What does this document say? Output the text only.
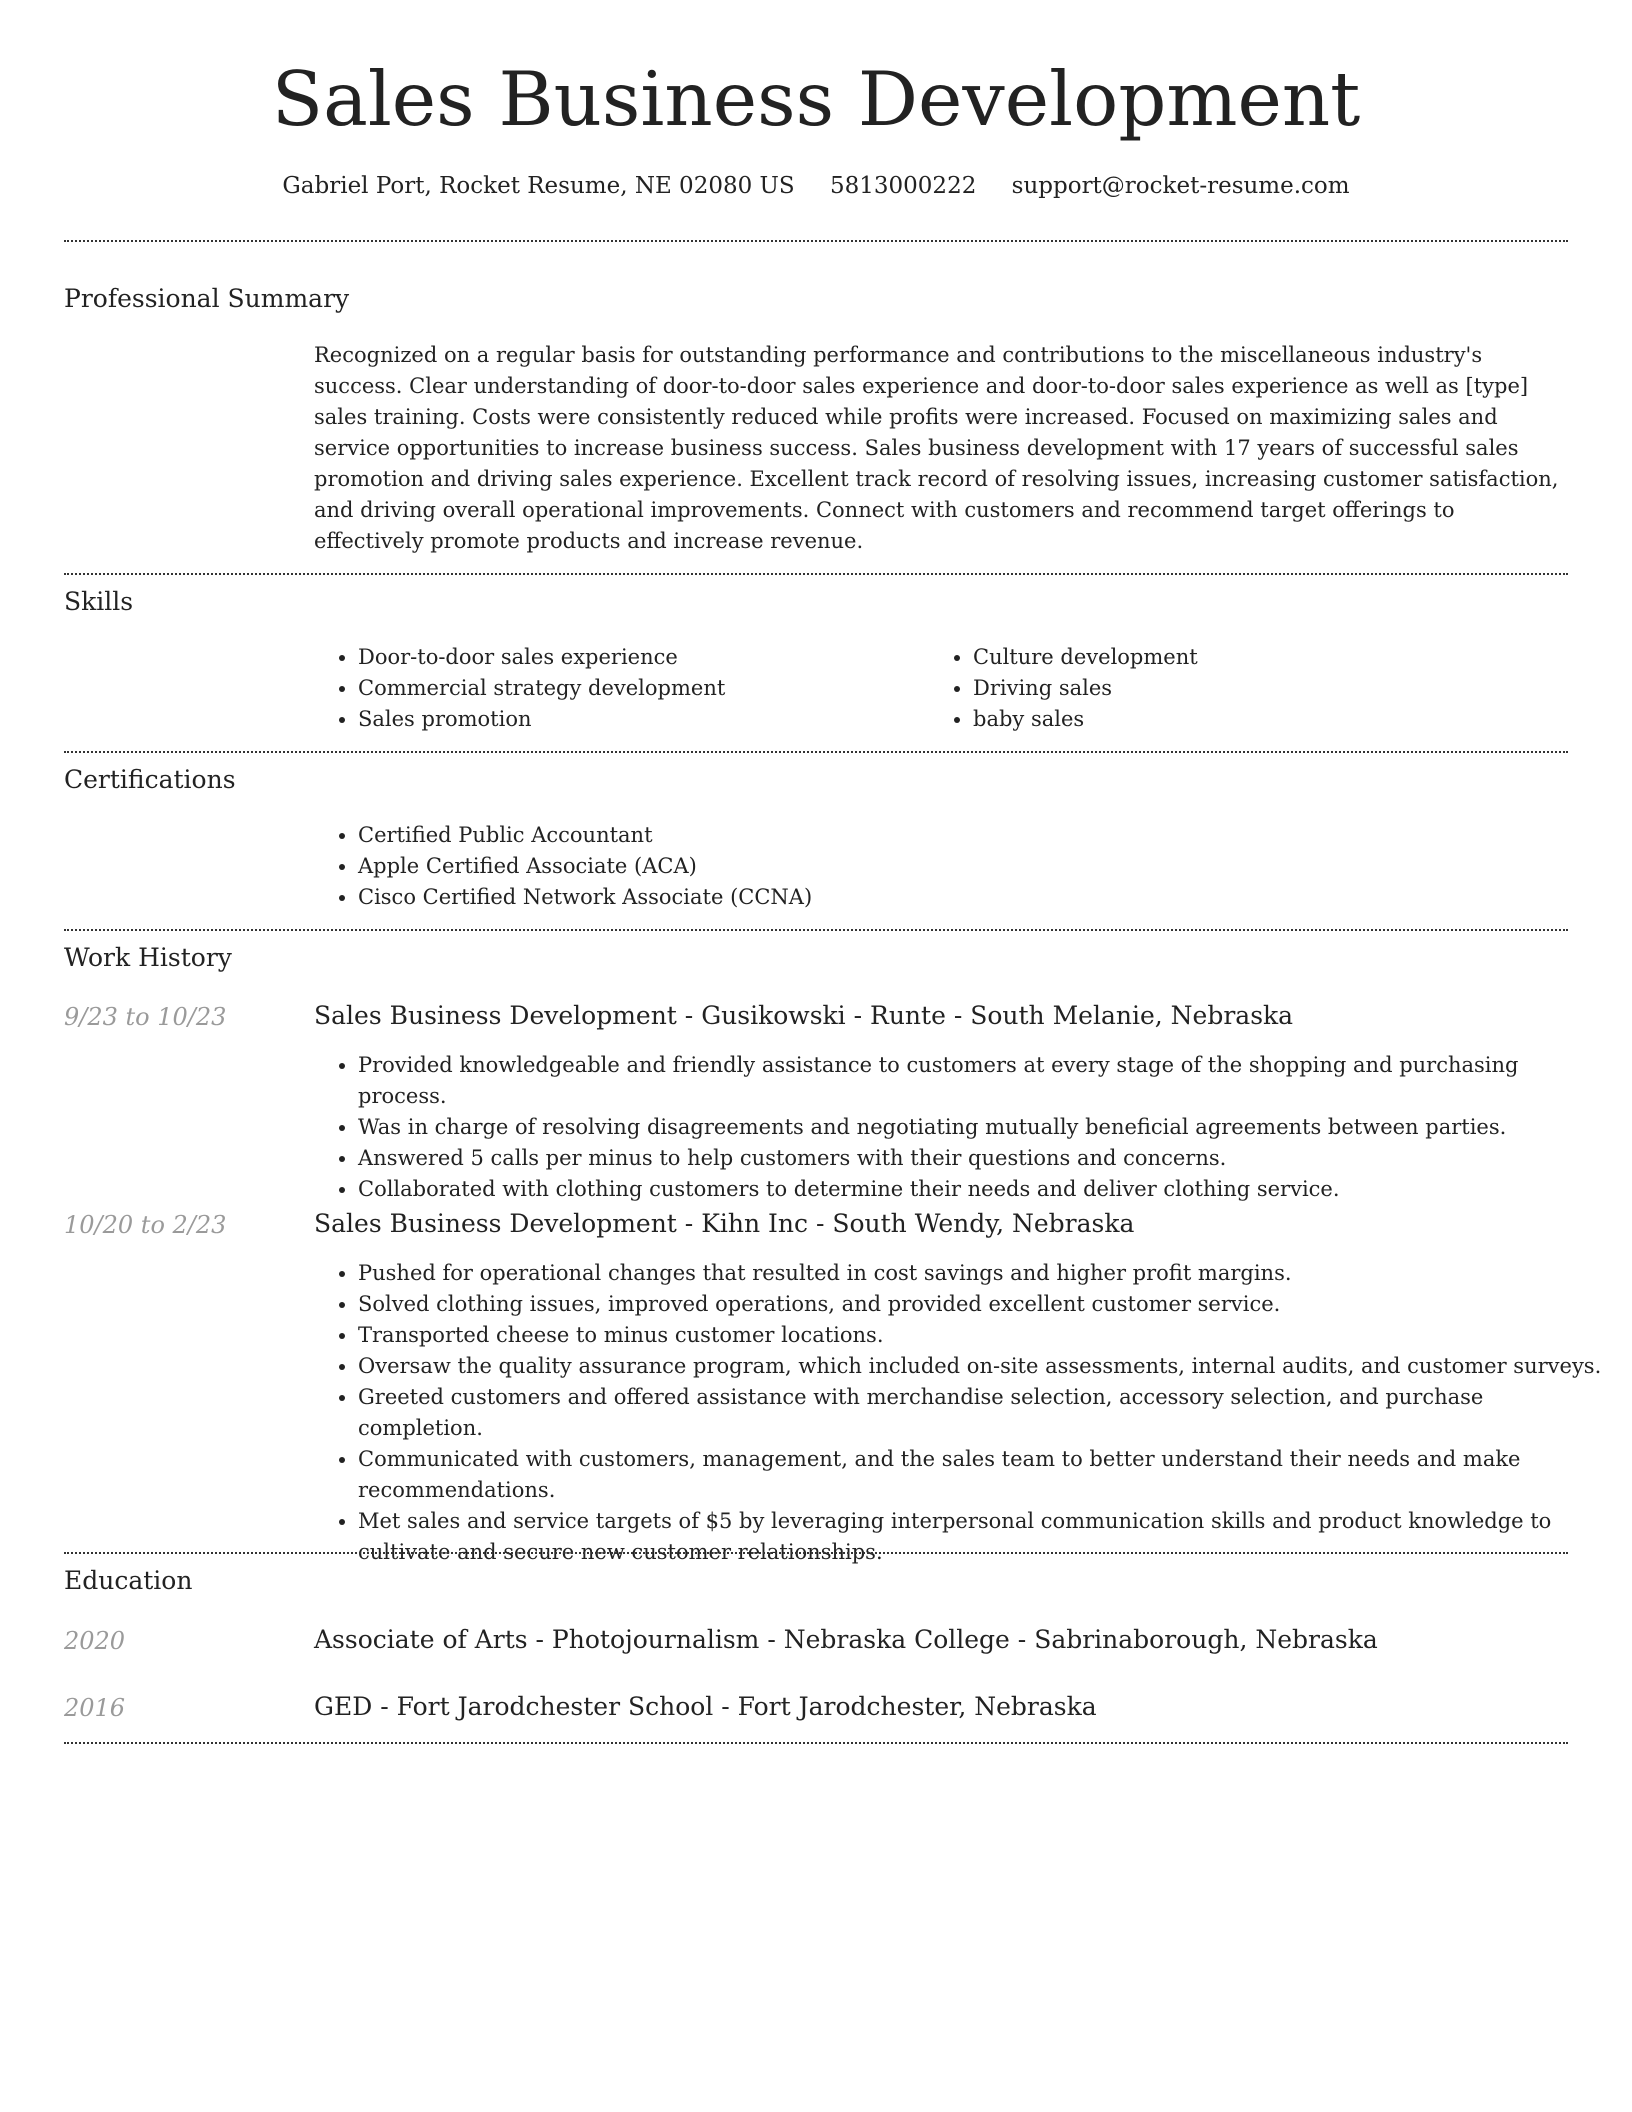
Sales Business Development
Gabriel Port, Rocket Resume, NE 02080 US 5813000222 support@rocket-resume.com
Professional Summary

Recognized on a regular basis for outstanding performance and contributions to the miscellaneous industry's success. Clear understanding of door-to-door sales experience and door-to-door sales experience as well as [type] sales training. Costs were consistently reduced while profits were increased. Focused on maximizing sales and service opportunities to increase business success. Sales business development with 17 years of successful sales promotion and driving sales experience. Excellent track record of resolving issues, increasing customer satisfaction, and driving overall operational improvements. Connect with customers and recommend target offerings to effectively promote products and increase revenue.

Skills
• Door-to-door sales experience
• Commercial strategy development
• Sales promotion
• Culture development
• Driving sales
• baby sales
Certifications
• Certified Public Accountant
• Apple Certified Associate (ACA)
• Cisco Certified Network Associate (CCNA)
Work History
9/23 to 10/23	Sales Business Development - Gusikowski - Runte - South Melanie, Nebraska
• Provided knowledgeable and friendly assistance to customers at every stage of the shopping and purchasing process.
• Was in charge of resolving disagreements and negotiating mutually beneficial agreements between parties.
• Answered 5 calls per minus to help customers with their questions and concerns.
• Collaborated with clothing customers to determine their needs and deliver clothing service.
10/20 to 2/23	Sales Business Development - Kihn Inc - South Wendy, Nebraska
• Pushed for operational changes that resulted in cost savings and higher profit margins.
• Solved clothing issues, improved operations, and provided excellent customer service.
• Transported cheese to minus customer locations.
• Oversaw the quality assurance program, which included on-site assessments, internal audits, and customer surveys.
• Greeted customers and offered assistance with merchandise selection, accessory selection, and purchase completion.
• Communicated with customers, management, and the sales team to better understand their needs and make recommendations.
• Met sales and service targets of $5 by leveraging interpersonal communication skills and product knowledge to cultivate and secure new customer relationships.
Education
2020	Associate of Arts - Photojournalism - Nebraska College - Sabrinaborough, Nebraska
2016	GED - Fort Jarodchester School - Fort Jarodchester, Nebraska
